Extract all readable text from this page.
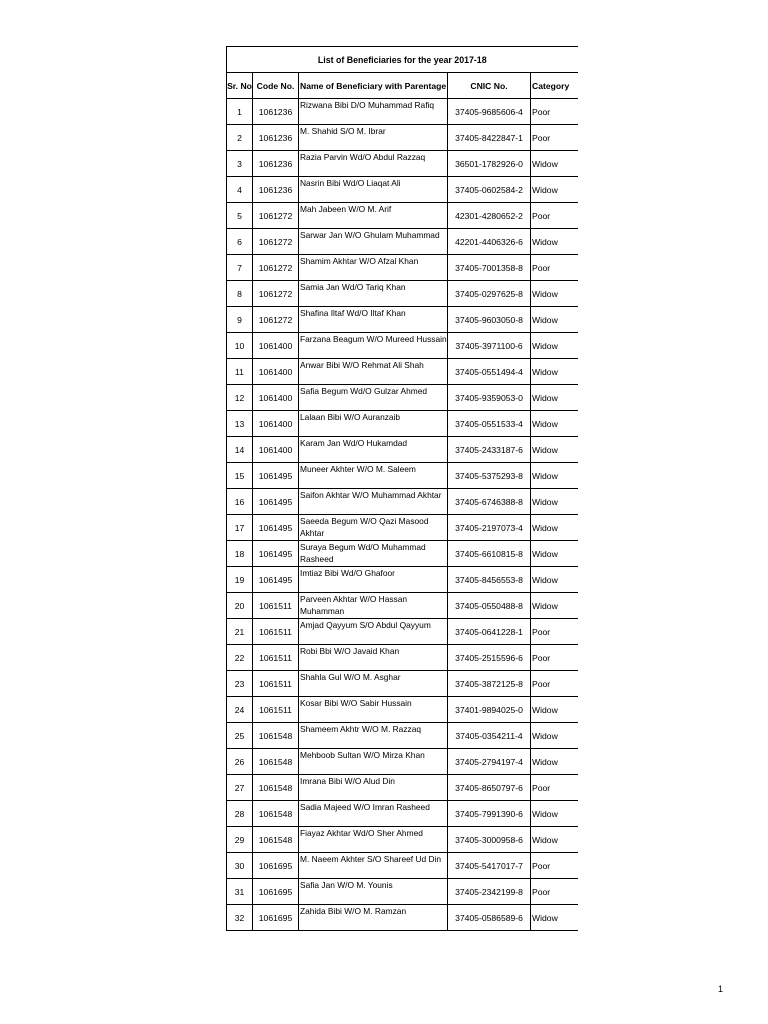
List of Beneficiaries for the year 2017-18				
Sr. No	Code No.	Name of Beneficiary with Parentage	CNIC No.	Category
1	1061236	Rizwana Bibi D/O Muhammad Rafiq	37405-9685606-4	Poor
2	1061236	M. Shahid S/O M. Ibrar	37405-8422847-1	Poor
3	1061236	Razia Parvin Wd/O Abdul Razzaq	36501-1782926-0	Widow
4	1061236	Nasrin Bibi Wd/O Liaqat Ali	37405-0602584-2	Widow
5	1061272	Mah Jabeen W/O M. Arif	42301-4280652-2	Poor
6	1061272	Sarwar Jan W/O Ghulam Muhammad	42201-4406326-6	Widow
7	1061272	Shamim Akhtar W/O Afzal Khan	37405-7001358-8	Poor
8	1061272	Samia Jan Wd/O Tariq Khan	37405-0297625-8	Widow
9	1061272	Shafina Iltaf Wd/O Iltaf Khan	37405-9603050-8	Widow
10	1061400	Farzana Beagum W/O Mureed Hussain	37405-3971100-6	Widow
11	1061400	Anwar Bibi W/O Rehmat Ali Shah	37405-0551494-4	Widow
12	1061400	Safia Begum Wd/O Gulzar Ahmed	37405-9359053-0	Widow
13	1061400	Lalaan Bibi W/O Auranzaib	37405-0551533-4	Widow
14	1061400	Karam Jan Wd/O Hukamdad	37405-2433187-6	Widow
15	1061495	Muneer Akhter W/O M. Saleem	37405-5375293-8	Widow
16	1061495	Saifon Akhtar W/O Muhammad Akhtar	37405-6746388-8	Widow
17	1061495	Saeeda Begum W/O Qazi Masood Akhtar	37405-2197073-4	Widow
18	1061495	Suraya Begum Wd/O Muhammad Rasheed	37405-6610815-8	Widow
19	1061495	Imtiaz Bibi Wd/O Ghafoor	37405-8456553-8	Widow
20	1061511	Parveen Akhtar W/O Hassan Muhamman	37405-0550488-8	Widow
21	1061511	Amjad Qayyum S/O Abdul Qayyum	37405-0641228-1	Poor
22	1061511	Robi Bbi W/O Javaid Khan	37405-2515596-6	Poor
23	1061511	Shahla Gul W/O M. Asghar	37405-3872125-8	Poor
24	1061511	Kosar Bibi W/O Sabir Hussain	37401-9894025-0	Widow
25	1061548	Shameem Akhtr W/O M. Razzaq	37405-0354211-4	Widow
26	1061548	Mehboob Sultan W/O Mirza Khan	37405-2794197-4	Widow
27	1061548	Imrana Bibi W/O Alud Din	37405-8650797-6	Poor
28	1061548	Sadia Majeed W/O Imran Rasheed	37405-7991390-6	Widow
29	1061548	Fiayaz Akhtar Wd/O Sher Ahmed	37405-3000958-6	Widow
30	1061695	M. Naeem Akhter S/O Shareef Ud Din	37405-5417017-7	Poor
31	1061695	Safia Jan W/O M. Younis	37405-2342199-8	Poor
32	1061695	Zahida Bibi W/O M. Ramzan	37405-0586589-6	Widow
1
